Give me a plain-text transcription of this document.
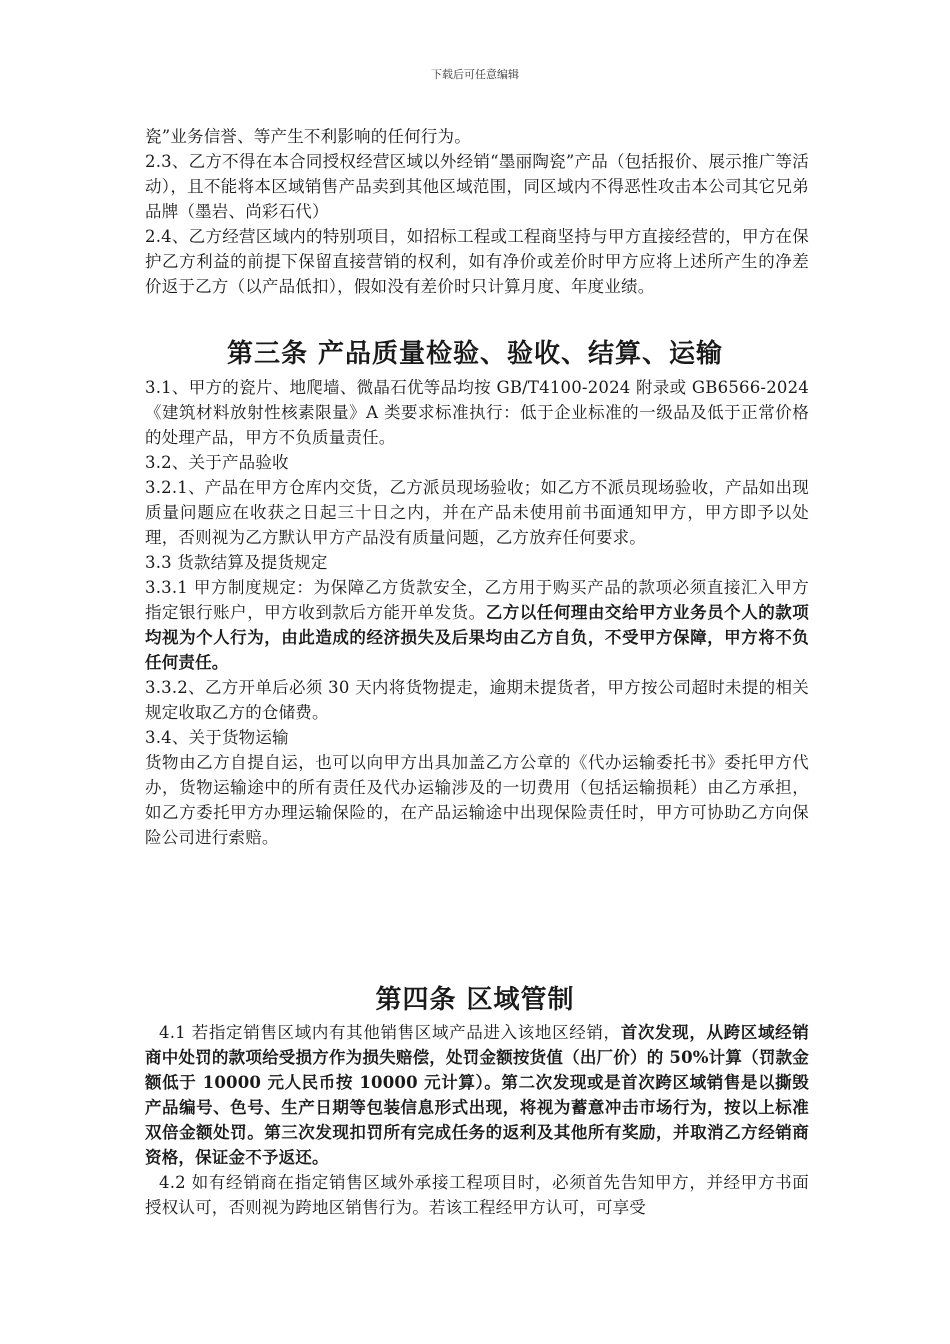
下载后可任意编辑

瓷”业务信誉、等产生不利影响的任何行为。

2.3、乙方不得在本合同授权经营区域以外经销“墨丽陶瓷”产品（包括报价、展示推广等活动），且不能将本区域销售产品卖到其他区域范围，同区域内不得恶性攻击本公司其它兄弟品牌（墨岩、尚彩石代）

2.4、乙方经营区域内的特别项目，如招标工程或工程商坚持与甲方直接经营的，甲方在保护乙方利益的前提下保留直接营销的权利，如有净价或差价时甲方应将上述所产生的净差价返于乙方（以产品低扣），假如没有差价时只计算月度、年度业绩。

第三条 产品质量检验、验收、结算、运输

3.1、甲方的瓷片、地爬墙、微晶石优等品均按 GB/T4100-2024 附录或 GB6566-2024《建筑材料放射性核素限量》A 类要求标准执行：低于企业标准的一级品及低于正常价格的处理产品，甲方不负质量责任。

3.2、关于产品验收

3.2.1、产品在甲方仓库内交货，乙方派员现场验收；如乙方不派员现场验收，产品如出现质量问题应在收获之日起三十日之内，并在产品未使用前书面通知甲方，甲方即予以处理，否则视为乙方默认甲方产品没有质量问题，乙方放弃任何要求。

3.3 货款结算及提货规定

3.3.1 甲方制度规定：为保障乙方货款安全，乙方用于购买产品的款项必须直接汇入甲方指定银行账户，甲方收到款后方能开单发货。乙方以任何理由交给甲方业务员个人的款项均视为个人行为，由此造成的经济损失及后果均由乙方自负，不受甲方保障，甲方将不负任何责任。

3.3.2、乙方开单后必须 30 天内将货物提走，逾期未提货者，甲方按公司超时未提的相关规定收取乙方的仓储费。

3.4、关于货物运输

货物由乙方自提自运，也可以向甲方出具加盖乙方公章的《代办运输委托书》委托甲方代办，货物运输途中的所有责任及代办运输涉及的一切费用（包括运输损耗）由乙方承担，如乙方委托甲方办理运输保险的，在产品运输途中出现保险责任时，甲方可协助乙方向保险公司进行索赔。

第四条 区域管制

4.1 若指定销售区域内有其他销售区域产品进入该地区经销，首次发现，从跨区域经销商中处罚的款项给受损方作为损失赔偿，处罚金额按货值（出厂价）的 50%计算（罚款金额低于 10000 元人民币按 10000 元计算）。第二次发现或是首次跨区域销售是以撕毁产品编号、色号、生产日期等包装信息形式出现，将视为蓄意冲击市场行为，按以上标准双倍金额处罚。第三次发现扣罚所有完成任务的返利及其他所有奖励，并取消乙方经销商资格，保证金不予返还。

4.2 如有经销商在指定销售区域外承接工程项目时，必须首先告知甲方，并经甲方书面授权认可，否则视为跨地区销售行为。若该工程经甲方认可，可享受
